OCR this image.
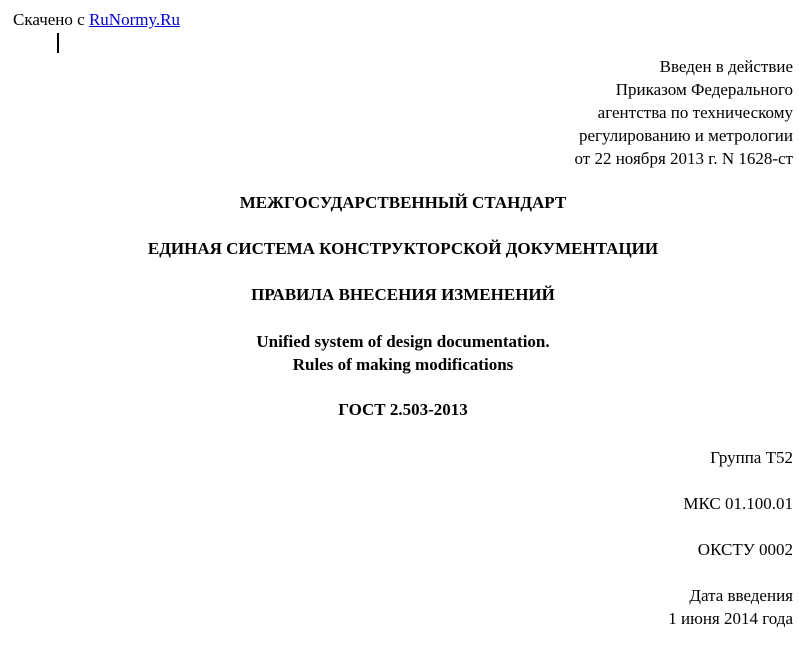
Скачено с RuNormy.Ru
Введен в действие
Приказом Федерального
агентства по техническому
регулированию и метрологии
от 22 ноября 2013 г. N 1628-ст
МЕЖГОСУДАРСТВЕННЫЙ СТАНДАРТ
ЕДИНАЯ СИСТЕМА КОНСТРУКТОРСКОЙ ДОКУМЕНТАЦИИ
ПРАВИЛА ВНЕСЕНИЯ ИЗМЕНЕНИЙ
Unified system of design documentation.
Rules of making modifications
ГОСТ 2.503-2013
Группа Т52
МКС 01.100.01
ОКСТУ 0002
Дата введения
1 июня 2014 года
